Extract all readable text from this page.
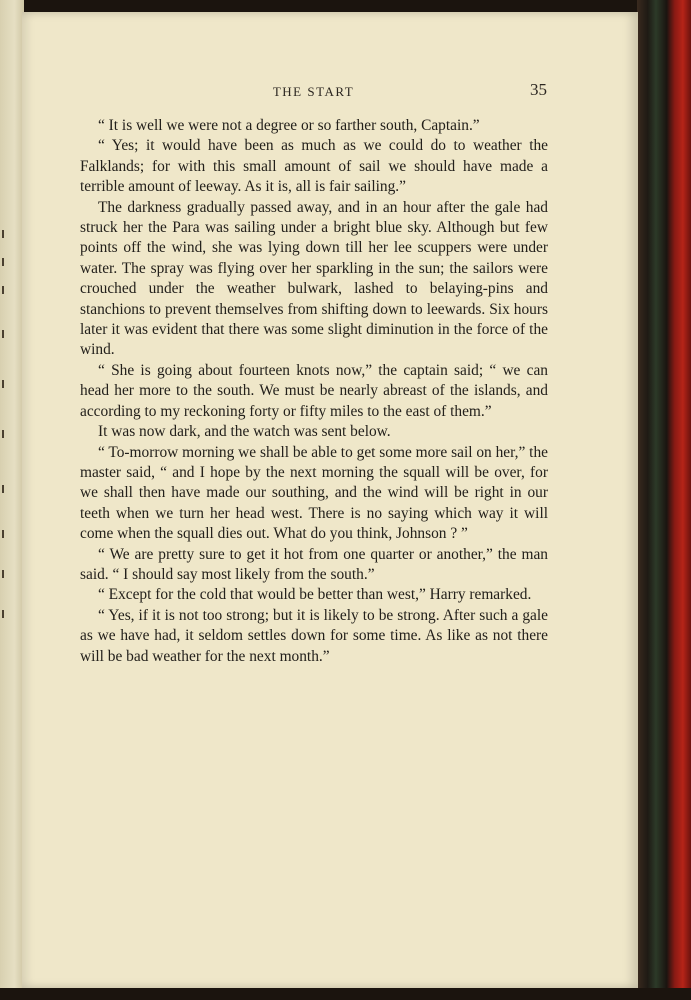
THE START	35

“ It is well we were not a degree or so farther south, Captain.”

“ Yes; it would have been as much as we could do to weather the Falklands; for with this small amount of sail we should have made a terrible amount of leeway. As it is, all is fair sailing.”

The darkness gradually passed away, and in an hour after the gale had struck her the Para was sailing under a bright blue sky. Although but few points off the wind, she was lying down till her lee scuppers were under water. The spray was flying over her sparkling in the sun; the sailors were crouched under the weather bulwark, lashed to belaying-pins and stanchions to prevent themselves from shifting down to leewards. Six hours later it was evident that there was some slight diminution in the force of the wind.

“ She is going about fourteen knots now,” the captain said; “ we can head her more to the south. We must be nearly abreast of the islands, and according to my reckoning forty or fifty miles to the east of them.”

It was now dark, and the watch was sent below.

“ To-morrow morning we shall be able to get some more sail on her,” the master said, “ and I hope by the next morning the squall will be over, for we shall then have made our southing, and the wind will be right in our teeth when we turn her head west. There is no saying which way it will come when the squall dies out. What do you think, Johnson ? ”

“ We are pretty sure to get it hot from one quarter or another,” the man said. “ I should say most likely from the south.”

“ Except for the cold that would be better than west,” Harry remarked.

“ Yes, if it is not too strong; but it is likely to be strong. After such a gale as we have had, it seldom settles down for some time. As like as not there will be bad weather for the next month.”
